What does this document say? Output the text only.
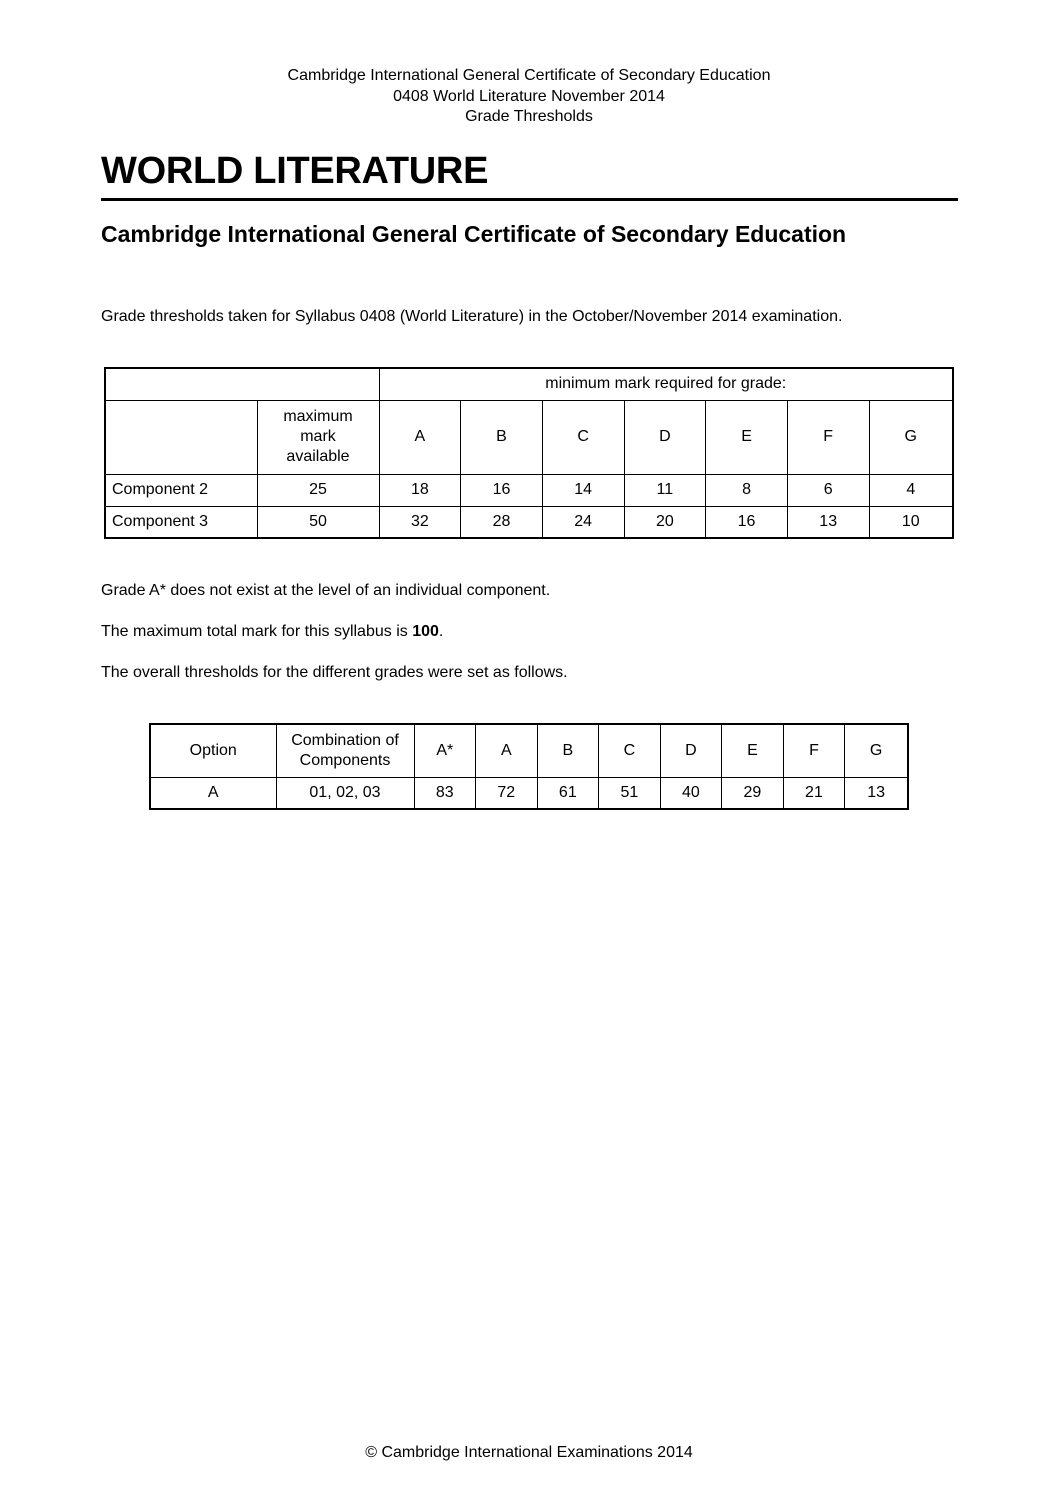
Cambridge International General Certificate of Secondary Education
0408 World Literature November 2014
Grade Thresholds
WORLD LITERATURE
Cambridge International General Certificate of Secondary Education

Grade thresholds taken for Syllabus 0408 (World Literature) in the October/November 2014 examination.

		minimum mark required for grade:						

	maximum
mark
available	A	B	C	D	E	F	G
Component 2	25	18	16	14	11	8	6	4
Component 3	50	32	28	24	20	16	13	10

Grade A* does not exist at the level of an individual component.

The maximum total mark for this syllabus is 100.

The overall thresholds for the different grades were set as follows.

Option	Combination of
Components	A*	A	B	C	D	E	F	G
A	01, 02, 03	83	72	61	51	40	29	21	13
© Cambridge International Examinations 2014
